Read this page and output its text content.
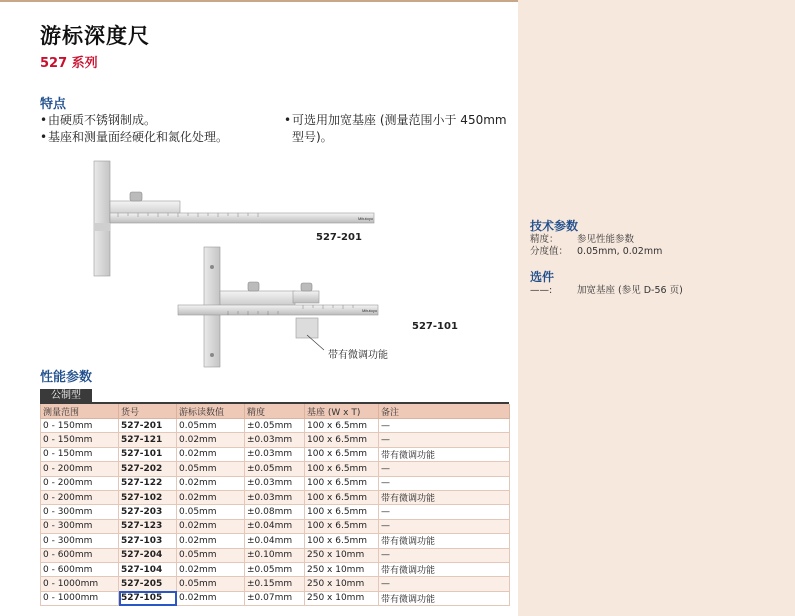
游标深度尺
527 系列
特点
•由硬质不锈钢制成。
•基座和测量面经硬化和氮化处理。
•可选用加宽基座 (测量范围小于 450mm
型号)。
Mitutoyo
Mitutoyo
527-201
527-101
带有微调功能
技术参数
精度： 参见性能参数
分度值： 0.05mm, 0.02mm
选件
——:	加宽基座 (参见 D-56 页)
性能参数
公制型
测量范围	货号	游标读数值	精度	基座 (W x T)	备注
0 - 150mm	527-201	0.05mm	±0.05mm	100 x 6.5mm	—
0 - 150mm	527-121	0.02mm	±0.03mm	100 x 6.5mm	—
0 - 150mm	527-101	0.02mm	±0.03mm	100 x 6.5mm	带有微调功能
0 - 200mm	527-202	0.05mm	±0.05mm	100 x 6.5mm	—
0 - 200mm	527-122	0.02mm	±0.03mm	100 x 6.5mm	—
0 - 200mm	527-102	0.02mm	±0.03mm	100 x 6.5mm	带有微调功能
0 - 300mm	527-203	0.05mm	±0.08mm	100 x 6.5mm	—
0 - 300mm	527-123	0.02mm	±0.04mm	100 x 6.5mm	—
0 - 300mm	527-103	0.02mm	±0.04mm	100 x 6.5mm	带有微调功能
0 - 600mm	527-204	0.05mm	±0.10mm	250 x 10mm	—
0 - 600mm	527-104	0.02mm	±0.05mm	250 x 10mm	带有微调功能
0 - 1000mm	527-205	0.05mm	±0.15mm	250 x 10mm	—
0 - 1000mm	527-105	0.02mm	±0.07mm	250 x 10mm	带有微调功能
